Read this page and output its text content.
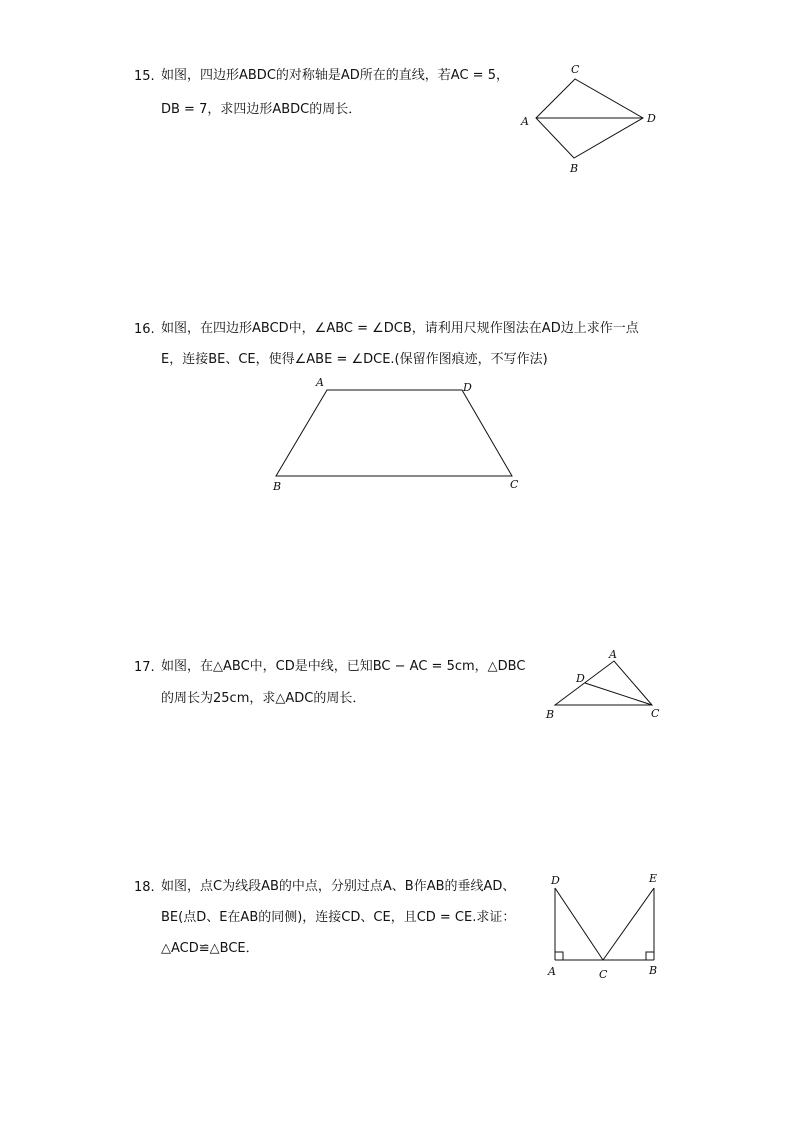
15. 如图，四边形ABDC的对称轴是AD所在的直线，若AC = 5，
DB = 7，求四边形ABDC的周长．
16. 如图，在四边形ABCD中，∠ABC = ∠DCB，请利用尺规作图法在AD边上求作一点
E，连接BE、CE，使得∠ABE = ∠DCE.(保留作图痕迹，不写作法)
17. 如图，在△ABC中，CD是中线，已知BC − AC = 5cm，△DBC
的周长为25cm，求△ADC的周长．
18. 如图，点C为线段AB的中点，分别过点A、B作AB的垂线AD、
BE(点D、E在AB的同侧)，连接CD、CE，且CD = CE.求证：
△ACD≌△BCE．
A
B
C
D
A
B	C
D
A
B	C
D
A	B
C
D	E
